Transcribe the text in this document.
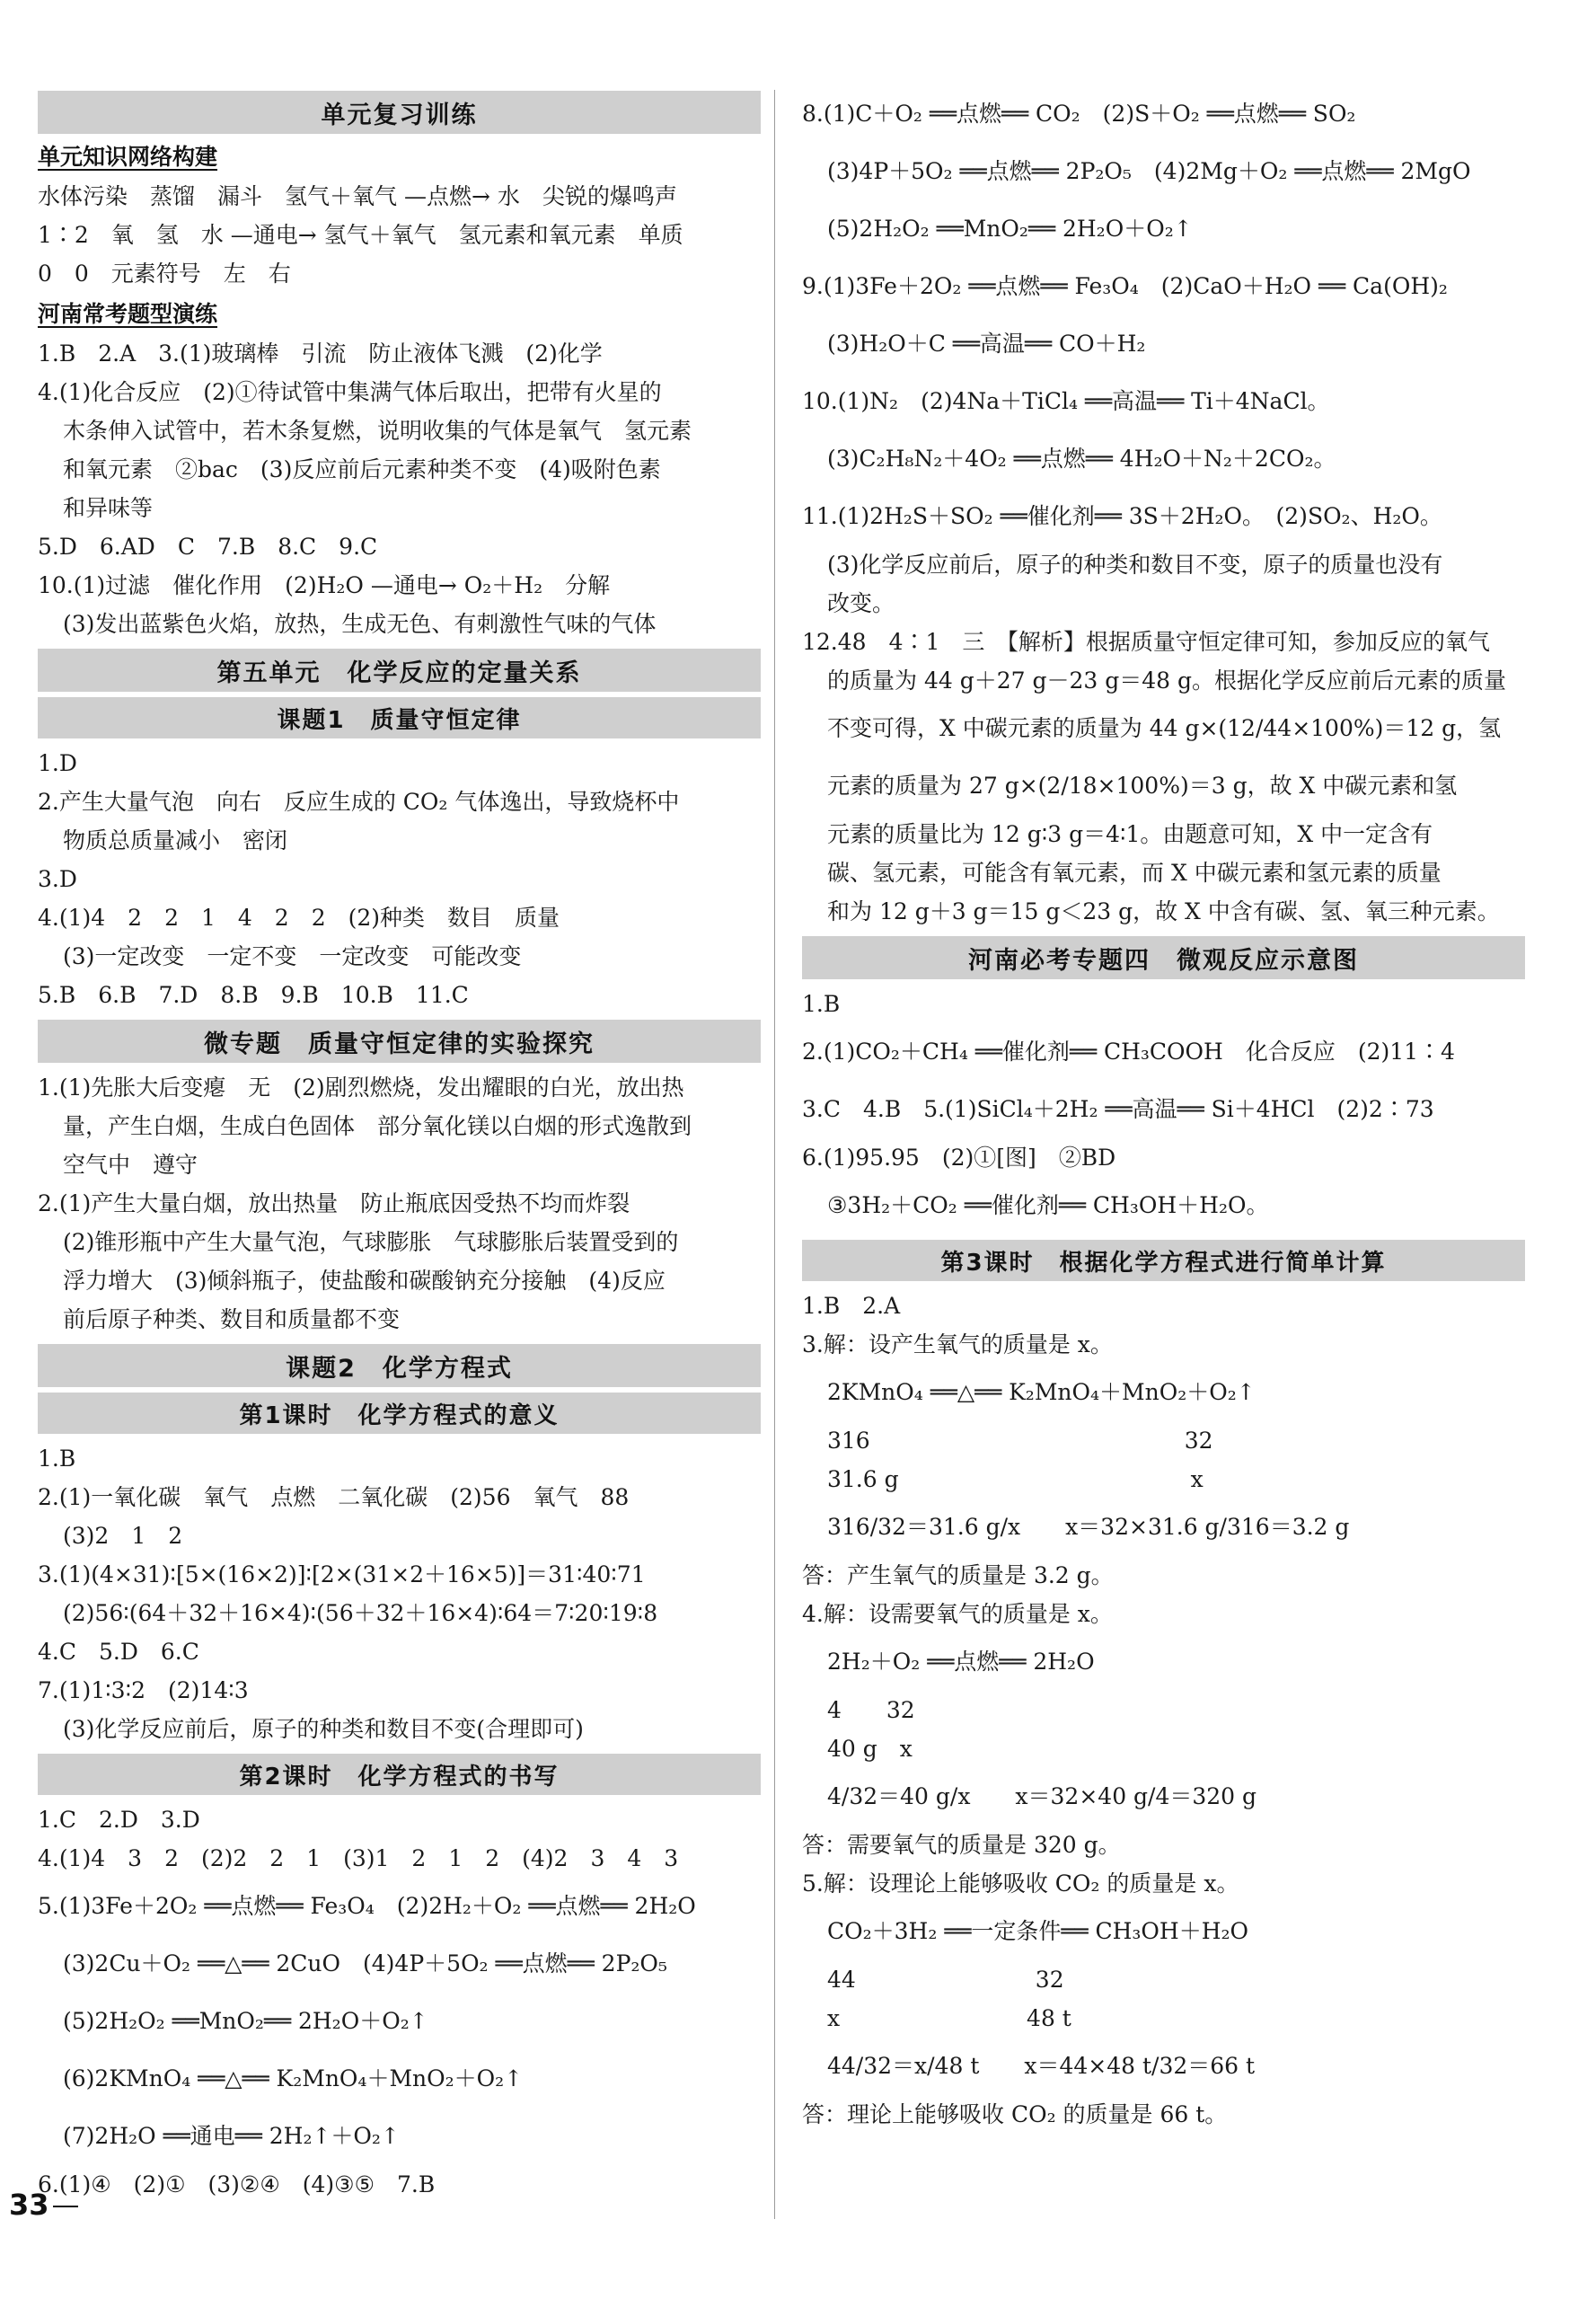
单元复习训练
单元知识网络构建
水体污染　蒸馏　漏斗　氢气＋氧气 —点燃→ 水　尖锐的爆鸣声
1∶2　氧　氢　水 —通电→ 氢气＋氧气　氢元素和氧元素　单质
0　0　元素符号　左　右
河南常考题型演练
1.B　2.A　3.(1)玻璃棒　引流　防止液体飞溅　(2)化学
4.(1)化合反应　(2)①待试管中集满气体后取出，把带有火星的
木条伸入试管中，若木条复燃，说明收集的气体是氧气　氢元素
和氧元素　②bac　(3)反应前后元素种类不变　(4)吸附色素
和异味等
5.D　6.AD　C　7.B　8.C　9.C
10.(1)过滤　催化作用　(2)H₂O —通电→ O₂＋H₂　分解
(3)发出蓝紫色火焰，放热，生成无色、有刺激性气味的气体
第五单元　化学反应的定量关系
课题1　质量守恒定律
1.D
2.产生大量气泡　向右　反应生成的 CO₂ 气体逸出，导致烧杯中
物质总质量减小　密闭
3.D
4.(1)4　2　2　1　4　2　2　(2)种类　数目　质量
(3)一定改变　一定不变　一定改变　可能改变
5.B　6.B　7.D　8.B　9.B　10.B　11.C
微专题　质量守恒定律的实验探究
1.(1)先胀大后变瘪　无　(2)剧烈燃烧，发出耀眼的白光，放出热
量，产生白烟，生成白色固体　部分氧化镁以白烟的形式逸散到
空气中　遵守
2.(1)产生大量白烟，放出热量　防止瓶底因受热不均而炸裂
(2)锥形瓶中产生大量气泡，气球膨胀　气球膨胀后装置受到的
浮力增大　(3)倾斜瓶子，使盐酸和碳酸钠充分接触　(4)反应
前后原子种类、数目和质量都不变
课题2　化学方程式
第1课时　化学方程式的意义
1.B
2.(1)一氧化碳　氧气　点燃　二氧化碳　(2)56　氧气　88
(3)2　1　2
3.(1)(4×31)∶[5×(16×2)]∶[2×(31×2＋16×5)]＝31∶40∶71
(2)56∶(64＋32＋16×4)∶(56＋32＋16×4)∶64＝7∶20∶19∶8
4.C　5.D　6.C
7.(1)1∶3∶2　(2)14∶3
(3)化学反应前后，原子的种类和数目不变(合理即可)
第2课时　化学方程式的书写
1.C　2.D　3.D
4.(1)4　3　2　(2)2　2　1　(3)1　2　1　2　(4)2　3　4　3
5.(1)3Fe＋2O₂ ══点燃══ Fe₃O₄　(2)2H₂＋O₂ ══点燃══ 2H₂O
(3)2Cu＋O₂ ══△══ 2CuO　(4)4P＋5O₂ ══点燃══ 2P₂O₅
(5)2H₂O₂ ══MnO₂══ 2H₂O＋O₂↑
(6)2KMnO₄ ══△══ K₂MnO₄＋MnO₂＋O₂↑
(7)2H₂O ══通电══ 2H₂↑＋O₂↑
6.(1)④　(2)①　(3)②④　(4)③⑤　7.B
8.(1)C＋O₂ ══点燃══ CO₂　(2)S＋O₂ ══点燃══ SO₂
(3)4P＋5O₂ ══点燃══ 2P₂O₅　(4)2Mg＋O₂ ══点燃══ 2MgO
(5)2H₂O₂ ══MnO₂══ 2H₂O＋O₂↑
9.(1)3Fe＋2O₂ ══点燃══ Fe₃O₄　(2)CaO＋H₂O ══ Ca(OH)₂
(3)H₂O＋C ══高温══ CO＋H₂
10.(1)N₂　(2)4Na＋TiCl₄ ══高温══ Ti＋4NaCl。
(3)C₂H₈N₂＋4O₂ ══点燃══ 4H₂O＋N₂＋2CO₂。
11.(1)2H₂S＋SO₂ ══催化剂══ 3S＋2H₂O。　(2)SO₂、H₂O。
(3)化学反应前后，原子的种类和数目不变，原子的质量也没有
改变。
12.48　4∶1　三　【解析】根据质量守恒定律可知，参加反应的氧气
的质量为 44 g＋27 g－23 g＝48 g。根据化学反应前后元素的质量
不变可得，X 中碳元素的质量为 44 g×(12/44×100%)＝12 g，氢
元素的质量为 27 g×(2/18×100%)＝3 g，故 X 中碳元素和氢
元素的质量比为 12 g∶3 g＝4∶1。由题意可知，X 中一定含有
碳、氢元素，可能含有氧元素，而 X 中碳元素和氢元素的质量
和为 12 g＋3 g＝15 g＜23 g，故 X 中含有碳、氢、氧三种元素。
河南必考专题四　微观反应示意图
1.B
2.(1)CO₂＋CH₄ ══催化剂══ CH₃COOH　化合反应　(2)11∶4
3.C　4.B　5.(1)SiCl₄＋2H₂ ══高温══ Si＋4HCl　(2)2∶73
6.(1)95.95　(2)①[图]　②BD
③3H₂＋CO₂ ══催化剂══ CH₃OH＋H₂O。
第3课时　根据化学方程式进行简单计算
1.B　2.A
3.解：设产生氧气的质量是 x。
2KMnO₄ ══△══ K₂MnO₄＋MnO₂＋O₂↑
316　　　　　　　　　　　　　　32
31.6 g　　　　　　　　　　　　　x
316/32＝31.6 g/x　　x＝32×31.6 g/316＝3.2 g
答：产生氧气的质量是 3.2 g。
4.解：设需要氧气的质量是 x。
2H₂＋O₂ ══点燃══ 2H₂O
4　　32
40 g　x
4/32＝40 g/x　　x＝32×40 g/4＝320 g
答：需要氧气的质量是 320 g。
5.解：设理论上能够吸收 CO₂ 的质量是 x。
CO₂＋3H₂ ══一定条件══ CH₃OH＋H₂O
44　　　　　　　　32
x　　　　　　　　 48 t
44/32＝x/48 t　　x＝44×48 t/32＝66 t
答：理论上能够吸收 CO₂ 的质量是 66 t。
33
